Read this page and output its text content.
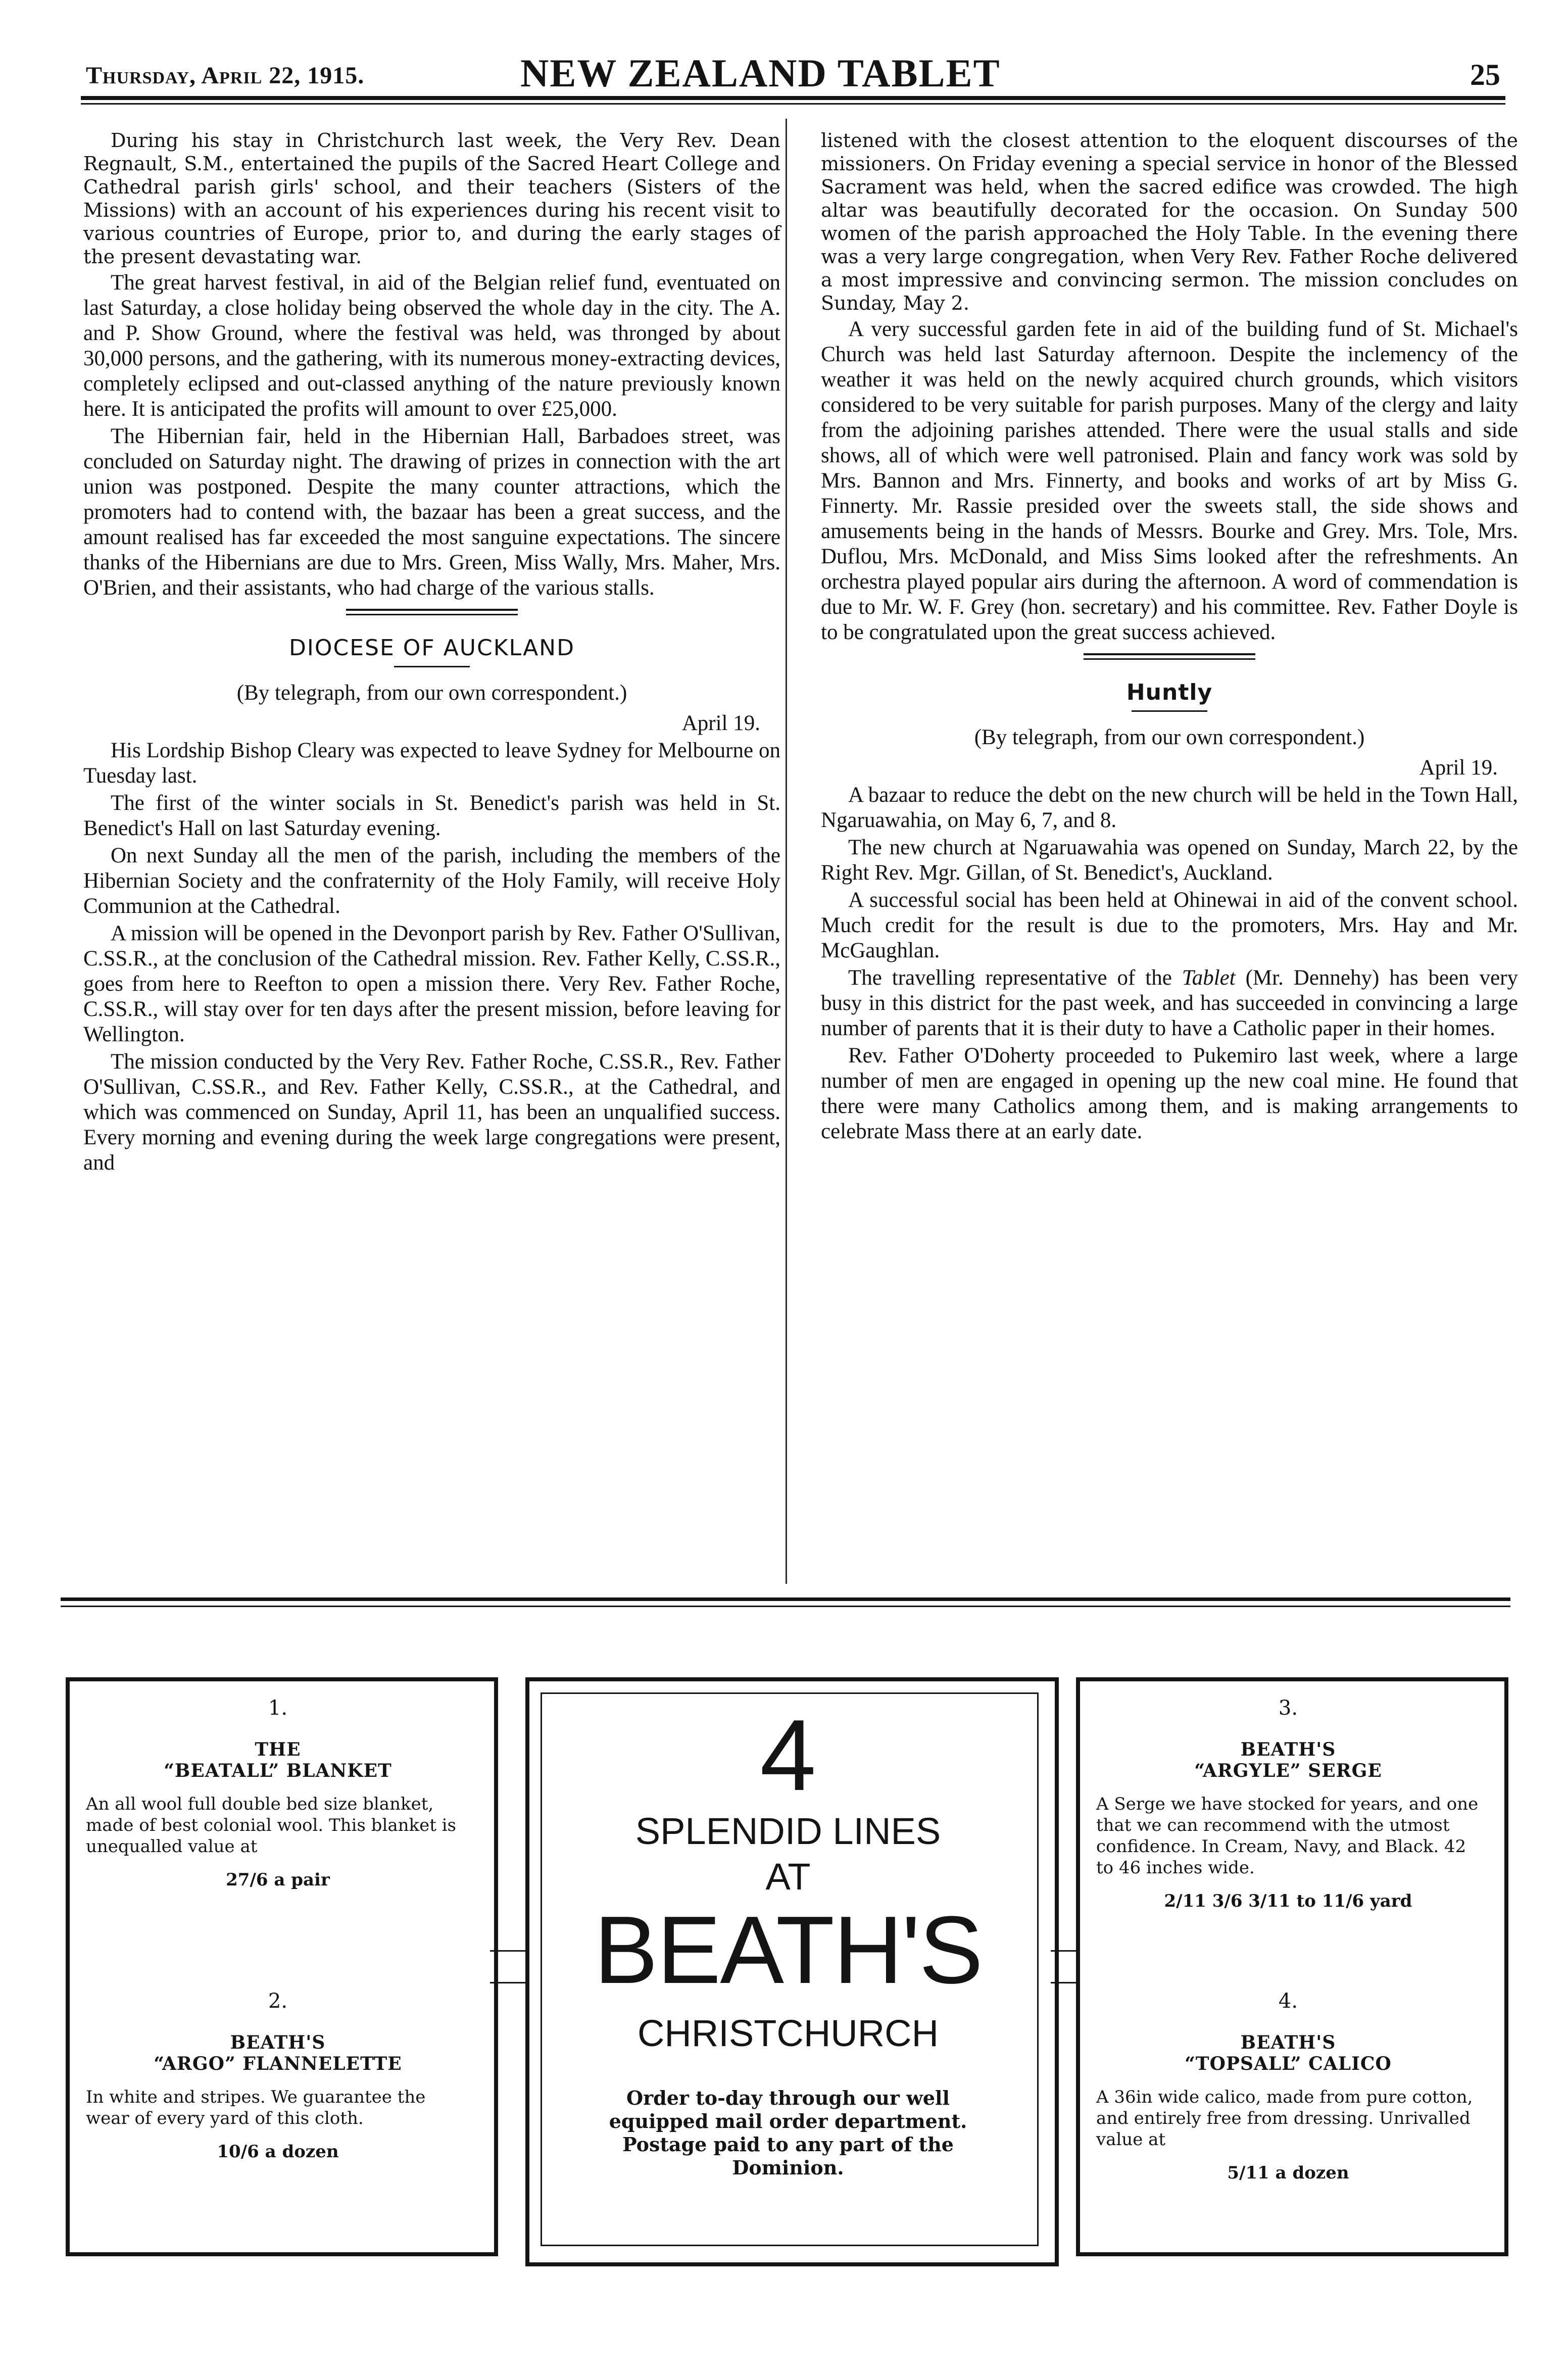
Thursday, April 22, 1915.	NEW ZEALAND TABLET	25

During his stay in Christchurch last week, the Very Rev. Dean Regnault, S.M., entertained the pupils of the Sacred Heart College and Cathedral parish girls' school, and their teachers (Sisters of the Missions) with an account of his experiences during his recent visit to various countries of Europe, prior to, and during the early stages of the present devastating war.

The great harvest festival, in aid of the Belgian relief fund, eventuated on last Saturday, a close holiday being observed the whole day in the city. The A. and P. Show Ground, where the festival was held, was thronged by about 30,000 persons, and the gathering, with its numerous money-extracting devices, completely eclipsed and out-classed anything of the nature previously known here. It is anticipated the profits will amount to over £25,000.

The Hibernian fair, held in the Hibernian Hall, Barbadoes street, was concluded on Saturday night. The drawing of prizes in connection with the art union was postponed. Despite the many counter attractions, which the promoters had to contend with, the bazaar has been a great success, and the amount realised has far exceeded the most sanguine expectations. The sincere thanks of the Hibernians are due to Mrs. Green, Miss Wally, Mrs. Maher, Mrs. O'Brien, and their assistants, who had charge of the various stalls.

DIOCESE OF AUCKLAND

(By telegraph, from our own correspondent.)

April 19.

His Lordship Bishop Cleary was expected to leave Sydney for Melbourne on Tuesday last.

The first of the winter socials in St. Benedict's parish was held in St. Benedict's Hall on last Saturday evening.

On next Sunday all the men of the parish, including the members of the Hibernian Society and the confraternity of the Holy Family, will receive Holy Communion at the Cathedral.

A mission will be opened in the Devonport parish by Rev. Father O'Sullivan, C.SS.R., at the conclusion of the Cathedral mission. Rev. Father Kelly, C.SS.R., goes from here to Reefton to open a mission there. Very Rev. Father Roche, C.SS.R., will stay over for ten days after the present mission, before leaving for Wellington.

The mission conducted by the Very Rev. Father Roche, C.SS.R., Rev. Father O'Sullivan, C.SS.R., and Rev. Father Kelly, C.SS.R., at the Cathedral, and which was commenced on Sunday, April 11, has been an unqualified success. Every morning and evening during the week large congregations were present, and

listened with the closest attention to the eloquent discourses of the missioners. On Friday evening a special service in honor of the Blessed Sacrament was held, when the sacred edifice was crowded. The high altar was beautifully decorated for the occasion. On Sunday 500 women of the parish approached the Holy Table. In the evening there was a very large congregation, when Very Rev. Father Roche delivered a most impressive and convincing sermon. The mission concludes on Sunday, May 2.

A very successful garden fete in aid of the building fund of St. Michael's Church was held last Saturday afternoon. Despite the inclemency of the weather it was held on the newly acquired church grounds, which visitors considered to be very suitable for parish purposes. Many of the clergy and laity from the adjoining parishes attended. There were the usual stalls and side shows, all of which were well patronised. Plain and fancy work was sold by Mrs. Bannon and Mrs. Finnerty, and books and works of art by Miss G. Finnerty. Mr. Rassie presided over the sweets stall, the side shows and amusements being in the hands of Messrs. Bourke and Grey. Mrs. Tole, Mrs. Duflou, Mrs. McDonald, and Miss Sims looked after the refreshments. An orchestra played popular airs during the afternoon. A word of commendation is due to Mr. W. F. Grey (hon. secretary) and his committee. Rev. Father Doyle is to be congratulated upon the great success achieved.

Huntly

(By telegraph, from our own correspondent.)

April 19.

A bazaar to reduce the debt on the new church will be held in the Town Hall, Ngaruawahia, on May 6, 7, and 8.

The new church at Ngaruawahia was opened on Sunday, March 22, by the Right Rev. Mgr. Gillan, of St. Benedict's, Auckland.

A successful social has been held at Ohinewai in aid of the convent school. Much credit for the result is due to the promoters, Mrs. Hay and Mr. McGaughlan.

The travelling representative of the Tablet (Mr. Dennehy) has been very busy in this district for the past week, and has succeeded in convincing a large number of parents that it is their duty to have a Catholic paper in their homes.

Rev. Father O'Doherty proceeded to Pukemiro last week, where a large number of men are engaged in opening up the new coal mine. He found that there were many Catholics among them, and is making arrangements to celebrate Mass there at an early date.

1.
THE
“BEATALL” BLANKET
An all wool full double bed size blanket, made of best colonial wool. This blanket is unequalled value at
27/6 a pair
2.
BEATH'S
“ARGO” FLANNELETTE
In white and stripes. We guarantee the wear of every yard of this cloth.
10/6 a dozen
4
SPLENDID LINES
AT
BEATH'S
CHRISTCHURCH
Order to-day through our well equipped mail order department. Postage paid to any part of the Dominion.
3.
BEATH'S
“ARGYLE” SERGE
A Serge we have stocked for years, and one that we can recommend with the utmost confidence. In Cream, Navy, and Black. 42 to 46 inches wide.
2/11 3/6 3/11 to 11/6 yard
4.
BEATH'S
“TOPSALL” CALICO
A 36in wide calico, made from pure cotton, and entirely free from dressing. Unrivalled value at
5/11 a dozen
